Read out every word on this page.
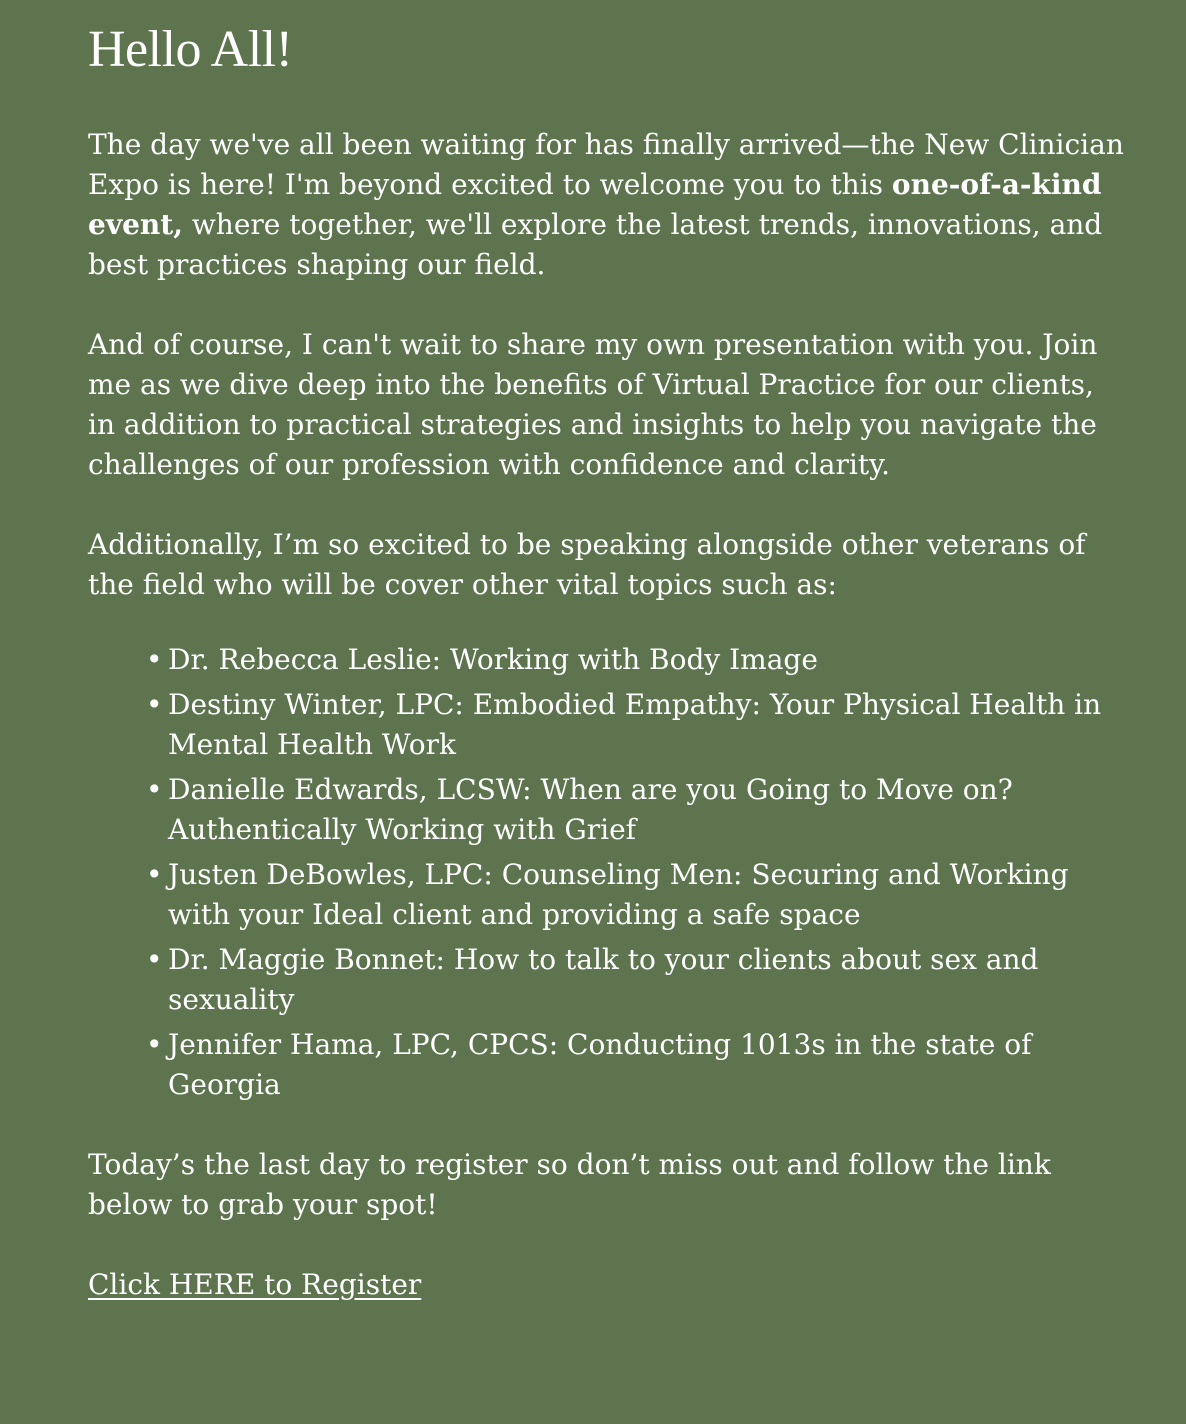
Hello All!

The day we've all been waiting for has finally arrived—the New Clinician Expo is here! I'm beyond excited to welcome you to this one-of-a-kind event, where together, we'll explore the latest trends, innovations, and best practices shaping our field.

And of course, I can't wait to share my own presentation with you. Join me as we dive deep into the benefits of Virtual Practice for our clients, in addition to practical strategies and insights to help you navigate the challenges of our profession with confidence and clarity.

Additionally, I’m so excited to be speaking alongside other veterans of the field who will be cover other vital topics such as:

• Dr. Rebecca Leslie: Working with Body Image
• Destiny Winter, LPC: Embodied Empathy: Your Physical Health in Mental Health Work
• Danielle Edwards, LCSW: When are you Going to Move on? Authentically Working with Grief
• Justen DeBowles, LPC: Counseling Men: Securing and Working with your Ideal client and providing a safe space
• Dr. Maggie Bonnet: How to talk to your clients about sex and sexuality
• Jennifer Hama, LPC, CPCS: Conducting 1013s in the state of Georgia

Today’s the last day to register so don’t miss out and follow the link below to grab your spot!

Click HERE to Register
